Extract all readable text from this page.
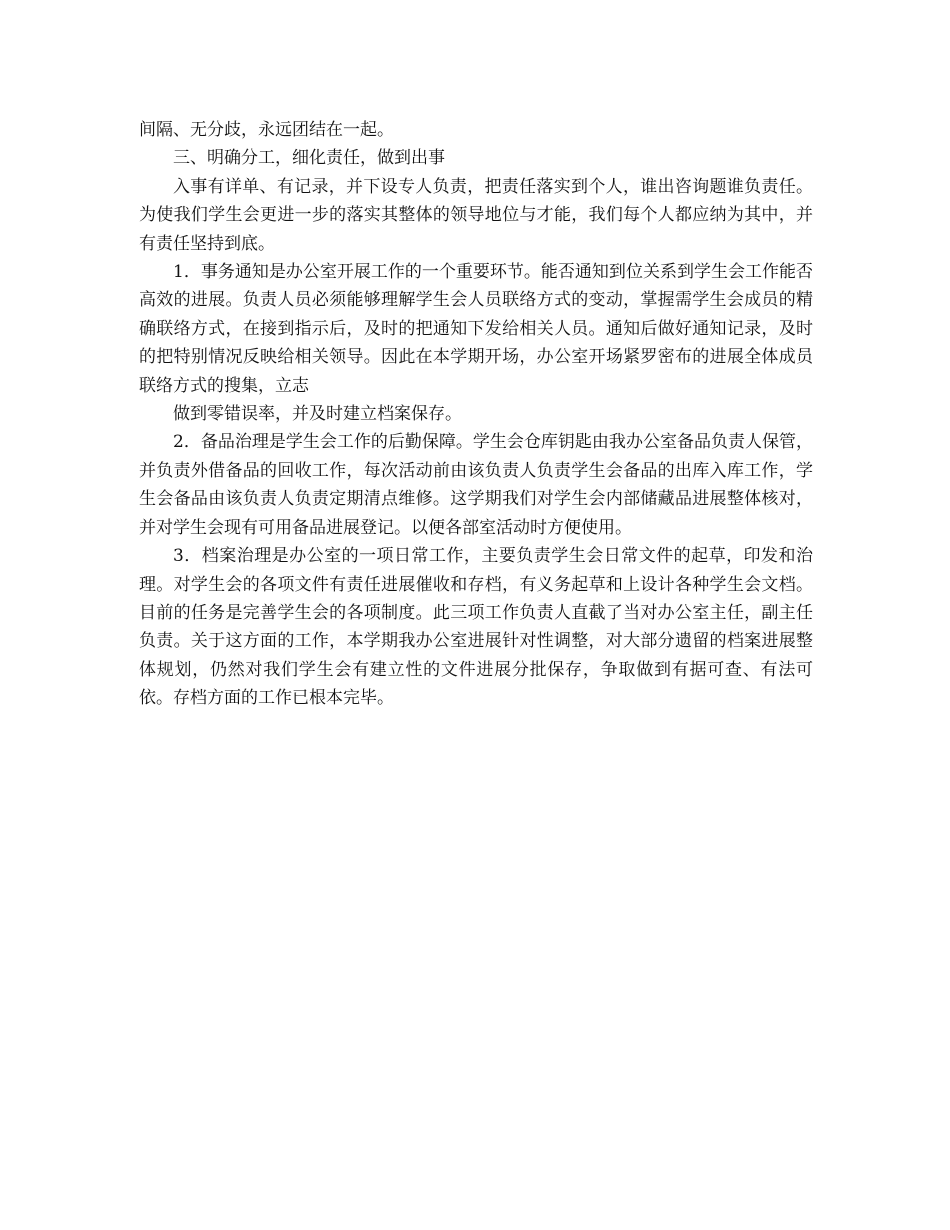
间隔、无分歧，永远团结在一起。

三、明确分工，细化责任，做到出事

入事有详单、有记录，并下设专人负责，把责任落实到个人，谁出咨询题谁负责任。为使我们学生会更进一步的落实其整体的领导地位与才能，我们每个人都应纳为其中，并有责任坚持到底。

1．事务通知是办公室开展工作的一个重要环节。能否通知到位关系到学生会工作能否高效的进展。负责人员必须能够理解学生会人员联络方式的变动，掌握需学生会成员的精确联络方式，在接到指示后，及时的把通知下发给相关人员。通知后做好通知记录，及时的把特别情况反映给相关领导。因此在本学期开场，办公室开场紧罗密布的进展全体成员联络方式的搜集，立志

做到零错误率，并及时建立档案保存。

2．备品治理是学生会工作的后勤保障。学生会仓库钥匙由我办公室备品负责人保管，并负责外借备品的回收工作，每次活动前由该负责人负责学生会备品的出库入库工作，学生会备品由该负责人负责定期清点维修。这学期我们对学生会内部储藏品进展整体核对，并对学生会现有可用备品进展登记。以便各部室活动时方便使用。

3．档案治理是办公室的一项日常工作，主要负责学生会日常文件的起草，印发和治理。对学生会的各项文件有责任进展催收和存档，有义务起草和上设计各种学生会文档。目前的任务是完善学生会的各项制度。此三项工作负责人直截了当对办公室主任，副主任负责。关于这方面的工作，本学期我办公室进展针对性调整，对大部分遗留的档案进展整体规划，仍然对我们学生会有建立性的文件进展分批保存，争取做到有据可查、有法可依。存档方面的工作已根本完毕。
